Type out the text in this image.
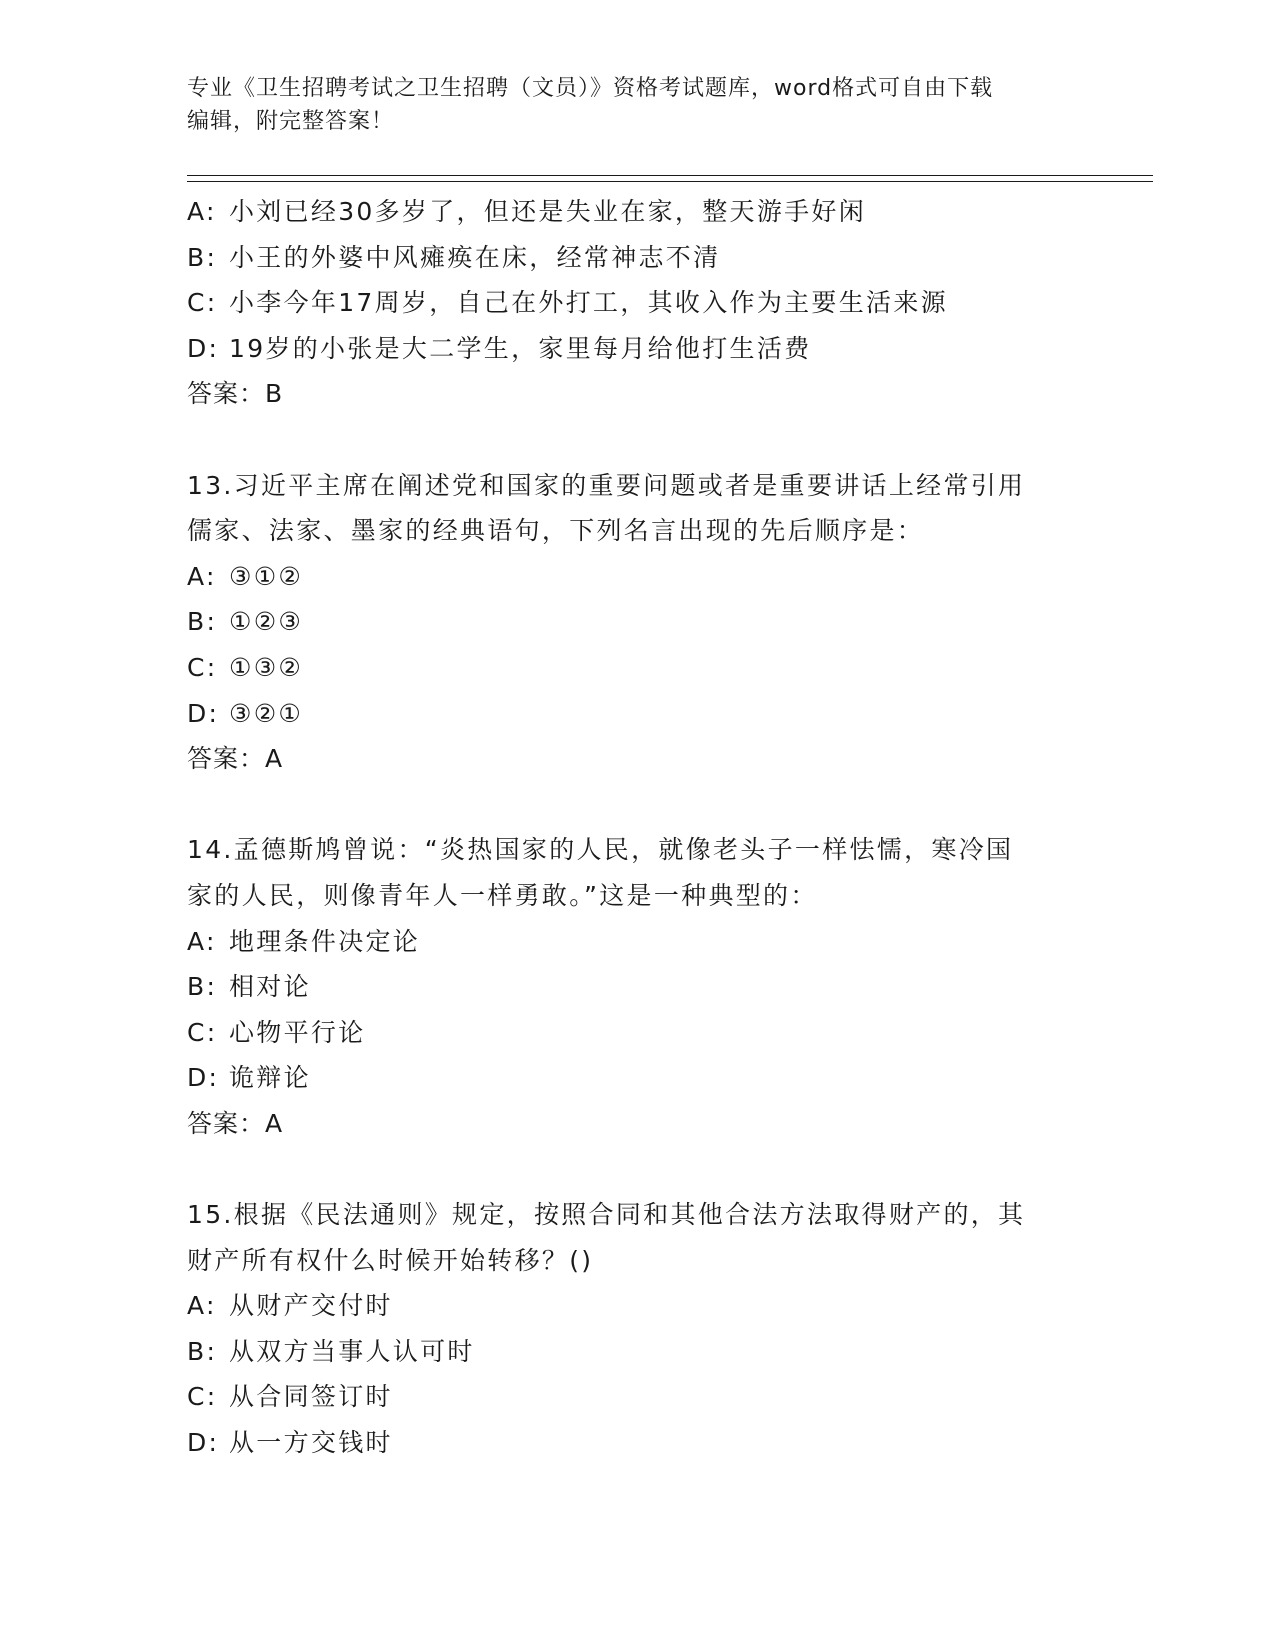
专业《卫生招聘考试之卫生招聘（文员）》资格考试题库，word格式可自由下载
编辑，附完整答案！
A: 小刘已经30多岁了，但还是失业在家，整天游手好闲
B: 小王的外婆中风瘫痪在床，经常神志不清
C: 小李今年17周岁，自己在外打工，其收入作为主要生活来源
D: 19岁的小张是大二学生，家里每月给他打生活费
答案：B
13.习近平主席在阐述党和国家的重要问题或者是重要讲话上经常引用
儒家、法家、墨家的经典语句，下列名言出现的先后顺序是：
A: ③①②
B: ①②③
C: ①③②
D: ③②①
答案：A
14.孟德斯鸠曾说：“炎热国家的人民，就像老头子一样怯懦，寒冷国
家的人民，则像青年人一样勇敢。”这是一种典型的：
A: 地理条件决定论
B: 相对论
C: 心物平行论
D: 诡辩论
答案：A
15.根据《民法通则》规定，按照合同和其他合法方法取得财产的，其
财产所有权什么时候开始转移？()
A: 从财产交付时
B: 从双方当事人认可时
C: 从合同签订时
D: 从一方交钱时
